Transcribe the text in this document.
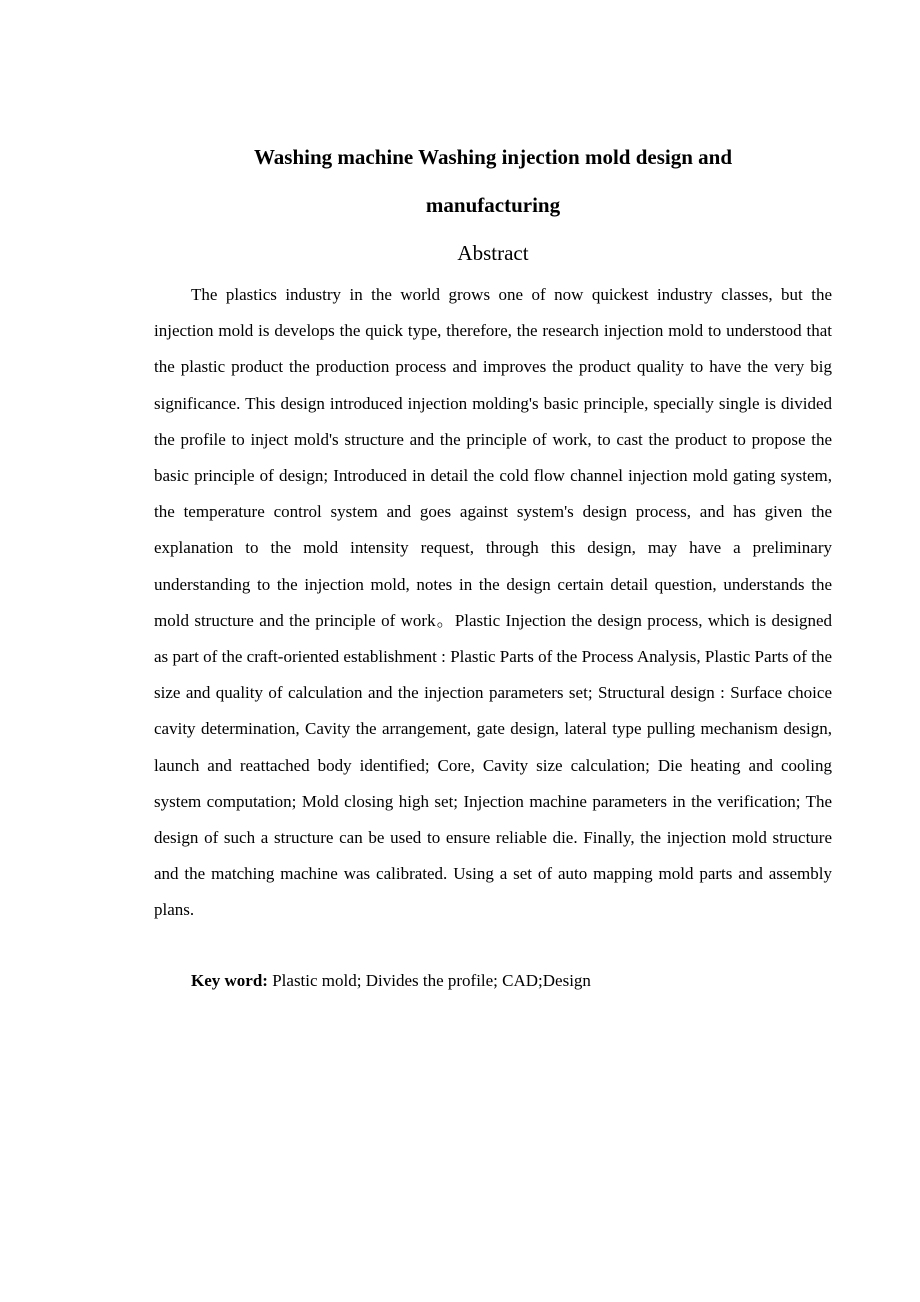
Washing machine Washing injection mold design and
manufacturing
Abstract

The plastics industry in the world grows one of now quickest industry classes, but the injection mold is develops the quick type, therefore, the research injection mold to understood that the plastic product the production process and improves the product quality to have the very big significance. This design introduced injection molding's basic principle, specially single is divided the profile to inject mold's structure and the principle of work, to cast the product to propose the basic principle of design; Introduced in detail the cold flow channel injection mold gating system, the temperature control system and goes against system's design process, and has given the explanation to the mold intensity request, through this design, may have a preliminary understanding to the injection mold, notes in the design certain detail question, understands the mold structure and the principle of work。Plastic Injection the design process, which is designed as part of the craft-oriented establishment : Plastic Parts of the Process Analysis, Plastic Parts of the size and quality of calculation and the injection parameters set; Structural design : Surface choice cavity determination, Cavity the arrangement, gate design, lateral type pulling mechanism design, launch and reattached body identified; Core, Cavity size calculation; Die heating and cooling system computation; Mold closing high set; Injection machine parameters in the verification; The design of such a structure can be used to ensure reliable die. Finally, the injection mold structure and the matching machine was calibrated. Using a set of auto mapping mold parts and assembly plans.

Key word: Plastic mold; Divides the profile; CAD;Design
